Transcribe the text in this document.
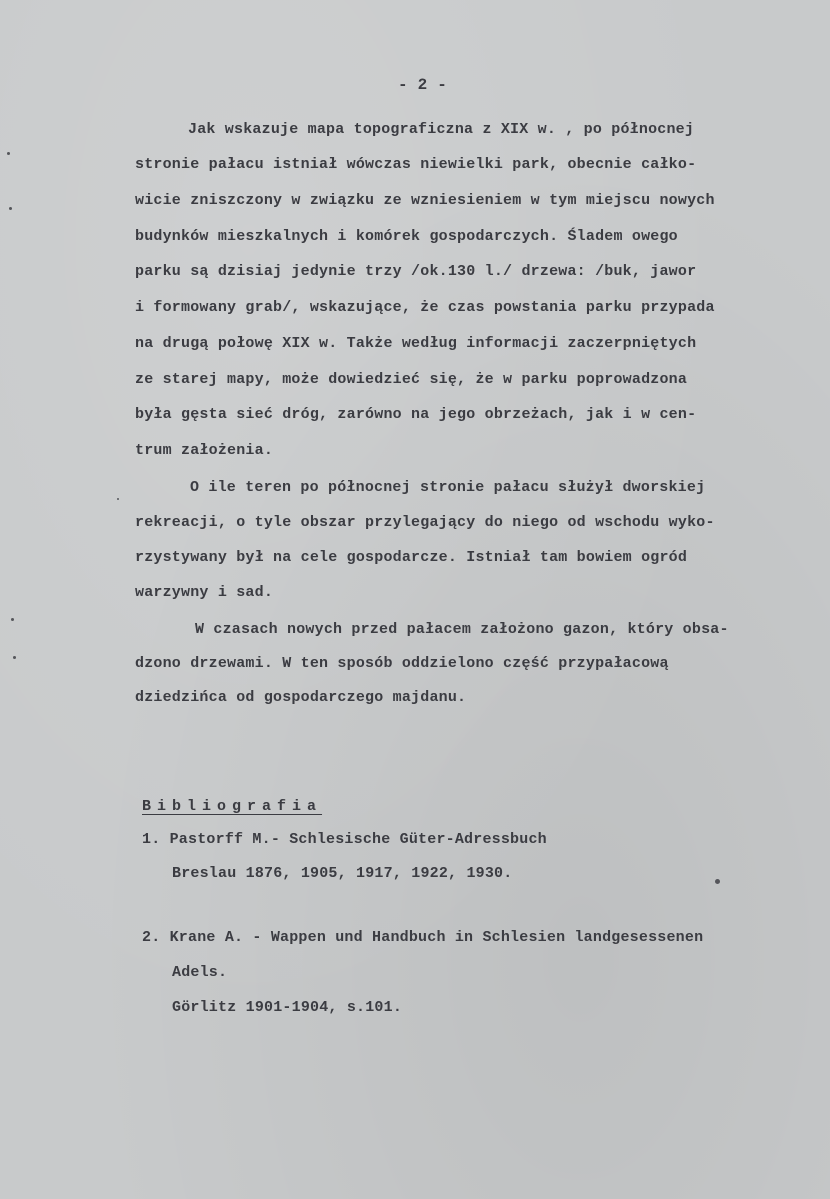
- 2 -
Jak wskazuje mapa topograficzna z XIX w. , po północnej
stronie pałacu istniał wówczas niewielki park, obecnie całko-
wicie zniszczony w związku ze wzniesieniem w tym miejscu nowych
budynków mieszkalnych i komórek gospodarczych. Śladem owego
parku są dzisiaj jedynie trzy /ok.130 l./ drzewa: /buk, jawor
i formowany grab/, wskazujące, że czas powstania parku przypada
na drugą połowę XIX w. Także według informacji zaczerpniętych
ze starej mapy, może dowiedzieć się, że w parku poprowadzona
była gęsta sieć dróg, zarówno na jego obrzeżach, jak i w cen-
trum założenia.
O ile teren po północnej stronie pałacu służył dworskiej
rekreacji, o tyle obszar przylegający do niego od wschodu wyko-
rzystywany był na cele gospodarcze. Istniał tam bowiem ogród
warzywny i sad.
W czasach nowych przed pałacem założono gazon, który obsa-
dzono drzewami. W ten sposób oddzielono część przypałacową
dziedzińca od gospodarczego majdanu.
Bibliografia
1. Pastorff M.- Schlesische Güter-Adressbuch
Breslau 1876, 1905, 1917, 1922, 1930.
2. Krane A. - Wappen und Handbuch in Schlesien landgesessenen
Adels.
Görlitz 1901-1904, s.101.
